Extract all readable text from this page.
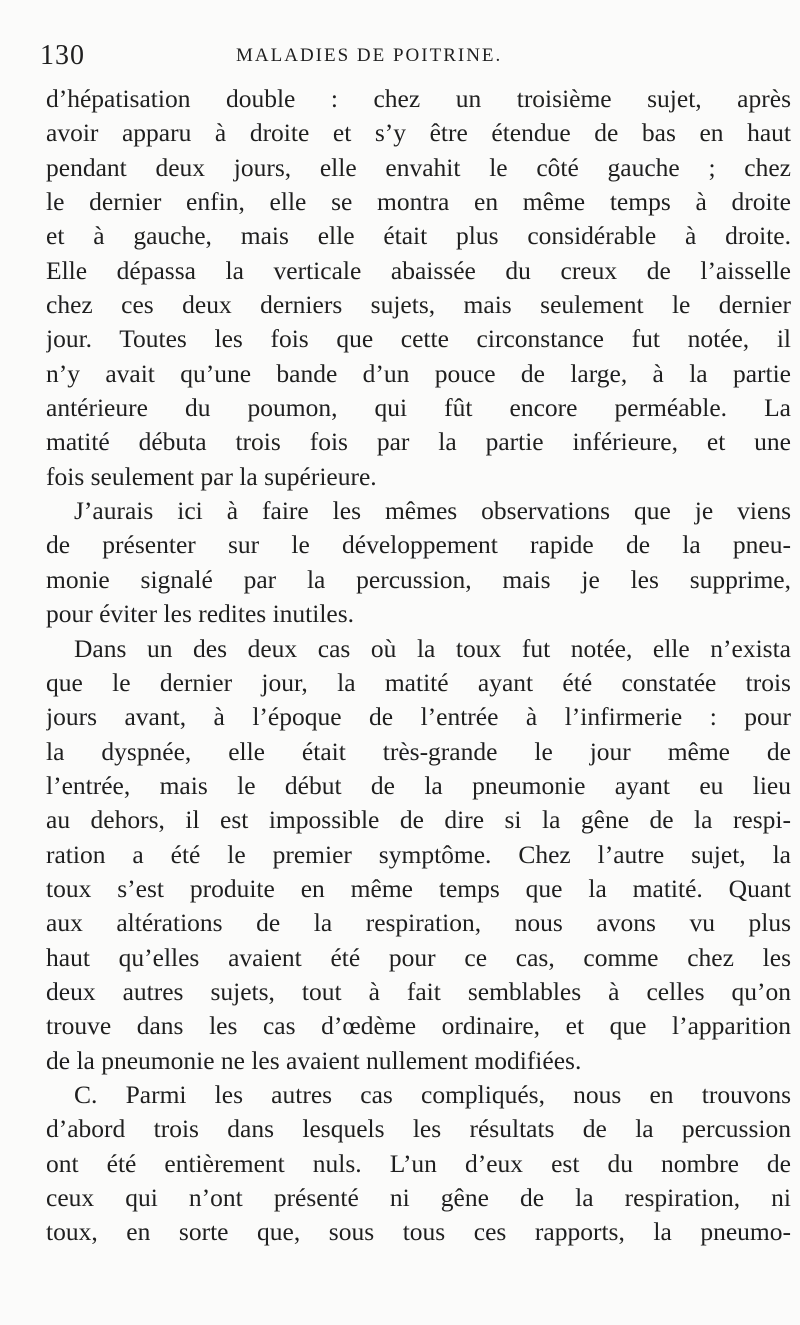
130	MALADIES DE POITRINE.
d’hépatisation double : chez un troisième sujet, après
avoir apparu à droite et s’y être étendue de bas en haut
pendant deux jours, elle envahit le côté gauche ; chez
le dernier enfin, elle se montra en même temps à droite
et à gauche, mais elle était plus considérable à droite.
Elle dépassa la verticale abaissée du creux de l’aisselle
chez ces deux derniers sujets, mais seulement le dernier
jour. Toutes les fois que cette circonstance fut notée, il
n’y avait qu’une bande d’un pouce de large, à la partie
antérieure du poumon, qui fût encore perméable. La
matité débuta trois fois par la partie inférieure, et une
fois seulement par la supérieure.
J’aurais ici à faire les mêmes observations que je viens
de présenter sur le développement rapide de la pneu-
monie signalé par la percussion, mais je les supprime,
pour éviter les redites inutiles.
Dans un des deux cas où la toux fut notée, elle n’exista
que le dernier jour, la matité ayant été constatée trois
jours avant, à l’époque de l’entrée à l’infirmerie : pour
la dyspnée, elle était très-grande le jour même de
l’entrée, mais le début de la pneumonie ayant eu lieu
au dehors, il est impossible de dire si la gêne de la respi-
ration a été le premier symptôme. Chez l’autre sujet, la
toux s’est produite en même temps que la matité. Quant
aux altérations de la respiration, nous avons vu plus
haut qu’elles avaient été pour ce cas, comme chez les
deux autres sujets, tout à fait semblables à celles qu’on
trouve dans les cas d’œdème ordinaire, et que l’apparition
de la pneumonie ne les avaient nullement modifiées.
C. Parmi les autres cas compliqués, nous en trouvons
d’abord trois dans lesquels les résultats de la percussion
ont été entièrement nuls. L’un d’eux est du nombre de
ceux qui n’ont présenté ni gêne de la respiration, ni
toux, en sorte que, sous tous ces rapports, la pneumo-
